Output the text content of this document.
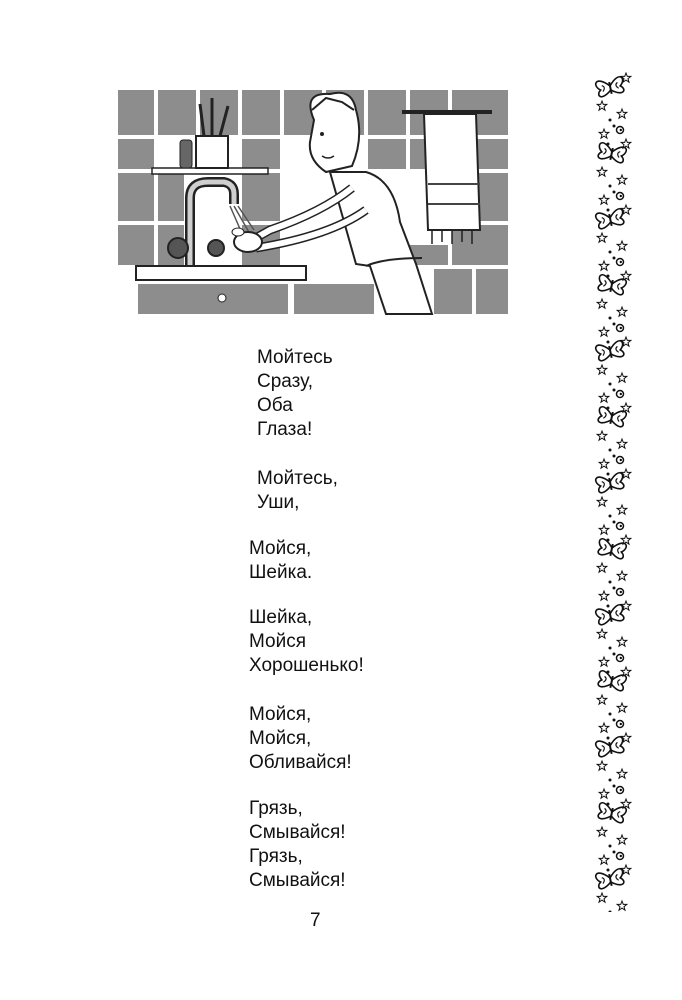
Мойтесь
Сразу,
Оба
Глаза!
Мойтесь,
Уши,
Мойся,
Шейка.
Шейка,
Мойся
Хорошенько!
Мойся,
Мойся,
Обливайся!
Грязь,
Смывайся!
Грязь,
Смывайся!
7
